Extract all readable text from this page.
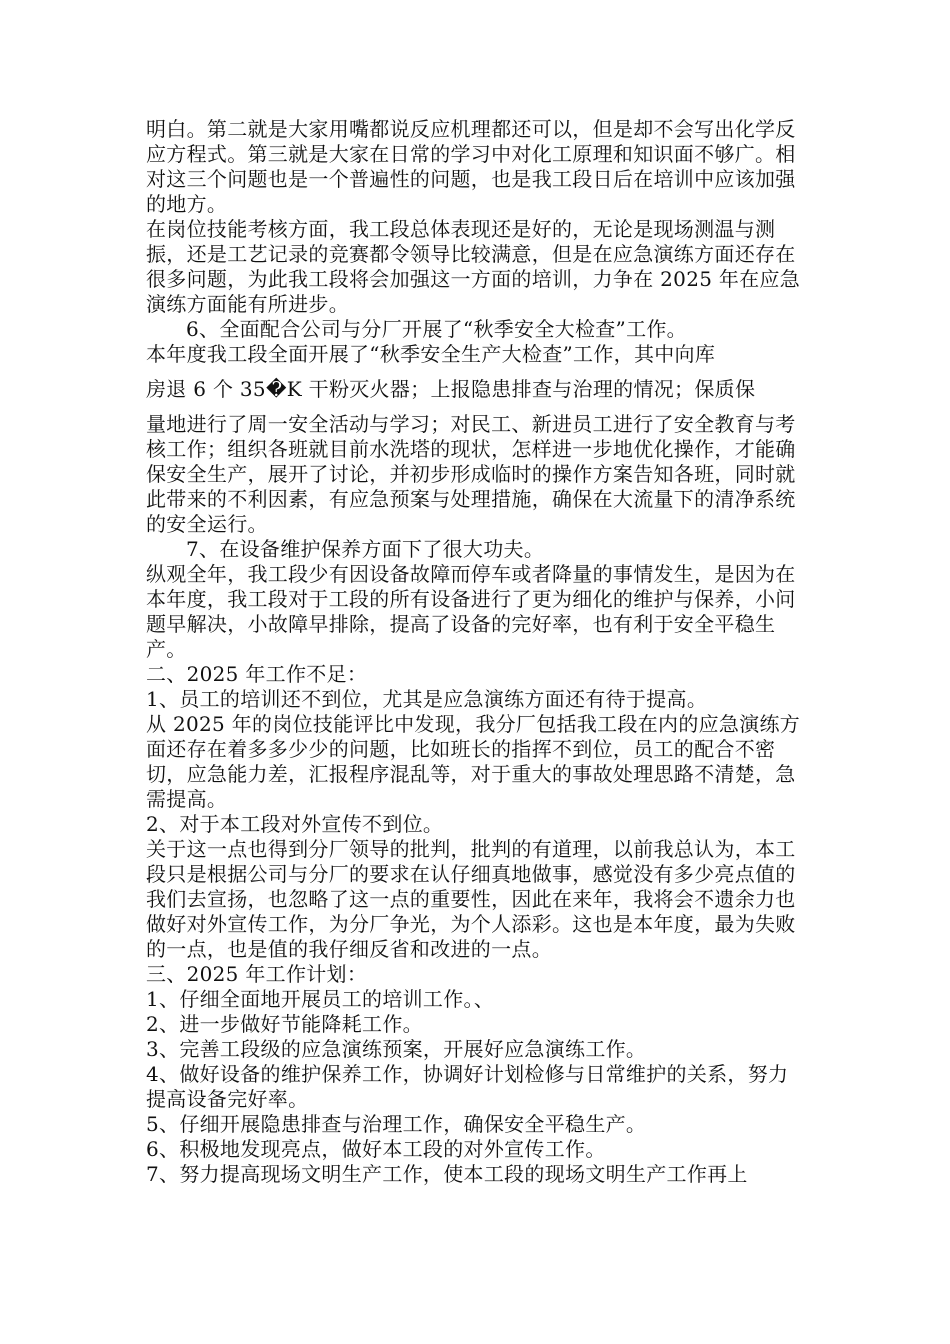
明白。第二就是大家用嘴都说反应机理都还可以，但是却不会写出化学反应方程式。第三就是大家在日常的学习中对化工原理和知识面不够广。相对这三个问题也是一个普遍性的问题，也是我工段日后在培训中应该加强的地方。

在岗位技能考核方面，我工段总体表现还是好的，无论是现场测温与测振，还是工艺记录的竞赛都令领导比较满意，但是在应急演练方面还存在很多问题，为此我工段将会加强这一方面的培训，力争在 2025 年在应急演练方面能有所进步。

6、全面配合公司与分厂开展了“秋季安全大检查”工作。

本年度我工段全面开展了“秋季安全生产大检查”工作，其中向库

房退 6 个 35�K 干粉灭火器；上报隐患排查与治理的情况；保质保

量地进行了周一安全活动与学习；对民工、新进员工进行了安全教育与考核工作；组织各班就目前水洗塔的现状，怎样进一步地优化操作，才能确保安全生产，展开了讨论，并初步形成临时的操作方案告知各班，同时就此带来的不利因素，有应急预案与处理措施，确保在大流量下的清净系统的安全运行。

7、在设备维护保养方面下了很大功夫。

纵观全年，我工段少有因设备故障而停车或者降量的事情发生，是因为在本年度，我工段对于工段的所有设备进行了更为细化的维护与保养，小问题早解决，小故障早排除，提高了设备的完好率，也有利于安全平稳生产。

二、2025 年工作不足：

1、员工的培训还不到位，尤其是应急演练方面还有待于提高。

从 2025 年的岗位技能评比中发现，我分厂包括我工段在内的应急演练方面还存在着多多少少的问题，比如班长的指挥不到位，员工的配合不密切，应急能力差，汇报程序混乱等，对于重大的事故处理思路不清楚，急需提高。

2、对于本工段对外宣传不到位。

关于这一点也得到分厂领导的批判，批判的有道理，以前我总认为，本工段只是根据公司与分厂的要求在认仔细真地做事，感觉没有多少亮点值的我们去宣扬，也忽略了这一点的重要性，因此在来年，我将会不遗余力也做好对外宣传工作，为分厂争光，为个人添彩。这也是本年度，最为失败的一点，也是值的我仔细反省和改进的一点。

三、2025 年工作计划：

1、仔细全面地开展员工的培训工作。、

2、进一步做好节能降耗工作。

3、完善工段级的应急演练预案，开展好应急演练工作。

4、做好设备的维护保养工作，协调好计划检修与日常维护的关系，努力提高设备完好率。

5、仔细开展隐患排查与治理工作，确保安全平稳生产。

6、积极地发现亮点，做好本工段的对外宣传工作。

7、努力提高现场文明生产工作，使本工段的现场文明生产工作再上
